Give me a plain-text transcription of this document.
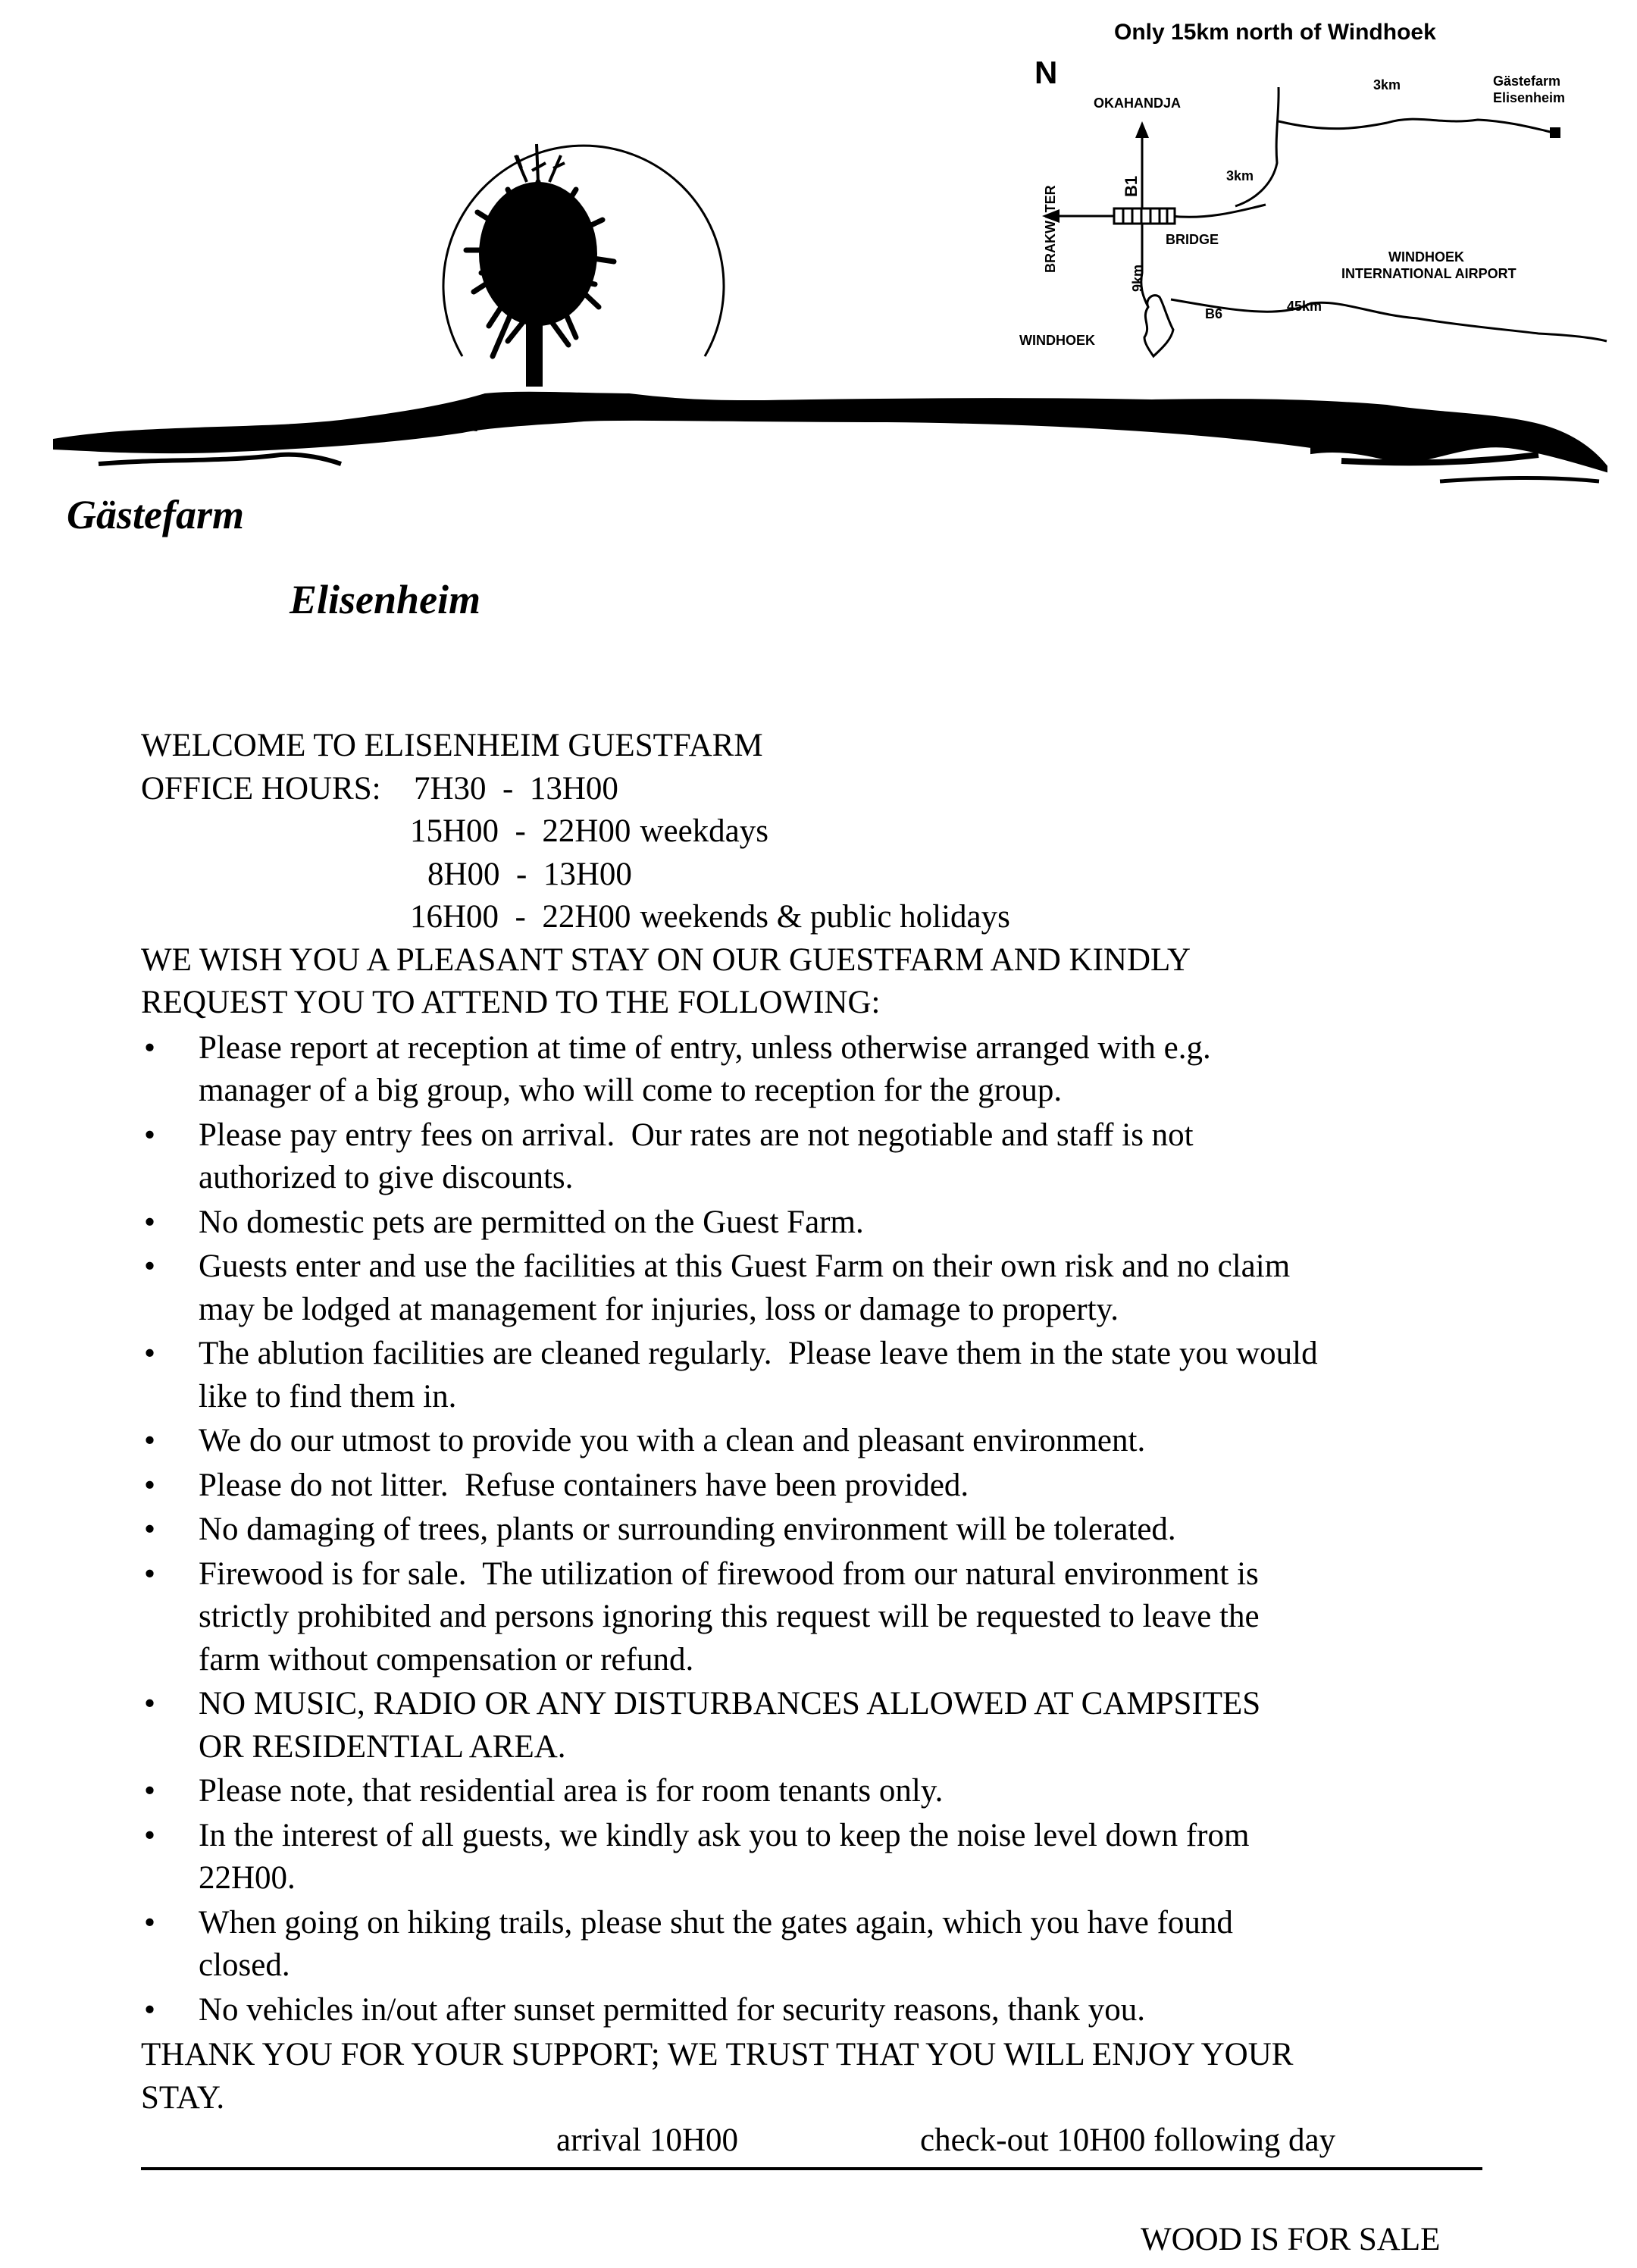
Only 15km north of Windhoek
N
OKAHANDJA
BRAKWATER	B1
BRIDGE
3km
3km	Gästefarm
Elisenheim
9km
B6	45km
WINDHOEK
WINDHOEK
INTERNATIONAL AIRPORT
Gästefarm
Elisenheim
WELCOME TO ELISENHEIM GUESTFARM
OFFICE HOURS:	7H30  -  13H00
15H00  -  22H00 weekdays
8H00  -  13H00
16H00  -  22H00 weekends & public holidays
WE WISH YOU A PLEASANT STAY ON OUR GUESTFARM AND KINDLY
REQUEST YOU TO ATTEND TO THE FOLLOWING:
• Please report at reception at time of entry, unless otherwise arranged with e.g.
manager of a big group, who will come to reception for the group.
• Please pay entry fees on arrival.  Our rates are not negotiable and staff is not
authorized to give discounts.
• No domestic pets are permitted on the Guest Farm.
• Guests enter and use the facilities at this Guest Farm on their own risk and no claim
may be lodged at management for injuries, loss or damage to property.
• The ablution facilities are cleaned regularly.  Please leave them in the state you would
like to find them in.
• We do our utmost to provide you with a clean and pleasant environment.
• Please do not litter.  Refuse containers have been provided.
• No damaging of trees, plants or surrounding environment will be tolerated.
• Firewood is for sale.  The utilization of firewood from our natural environment is
strictly prohibited and persons ignoring this request will be requested to leave the
farm without compensation or refund.
• NO MUSIC, RADIO OR ANY DISTURBANCES ALLOWED AT CAMPSITES
OR RESIDENTIAL AREA.
• Please note, that residential area is for room tenants only.
• In the interest of all guests, we kindly ask you to keep the noise level down from
22H00.
• When going on hiking trails, please shut the gates again, which you have found
closed.
• No vehicles in/out after sunset permitted for security reasons, thank you.
THANK YOU FOR YOUR SUPPORT; WE TRUST THAT YOU WILL ENJOY YOUR
STAY.
arrival 10H00	check-out 10H00 following day
WOOD IS FOR SALE
